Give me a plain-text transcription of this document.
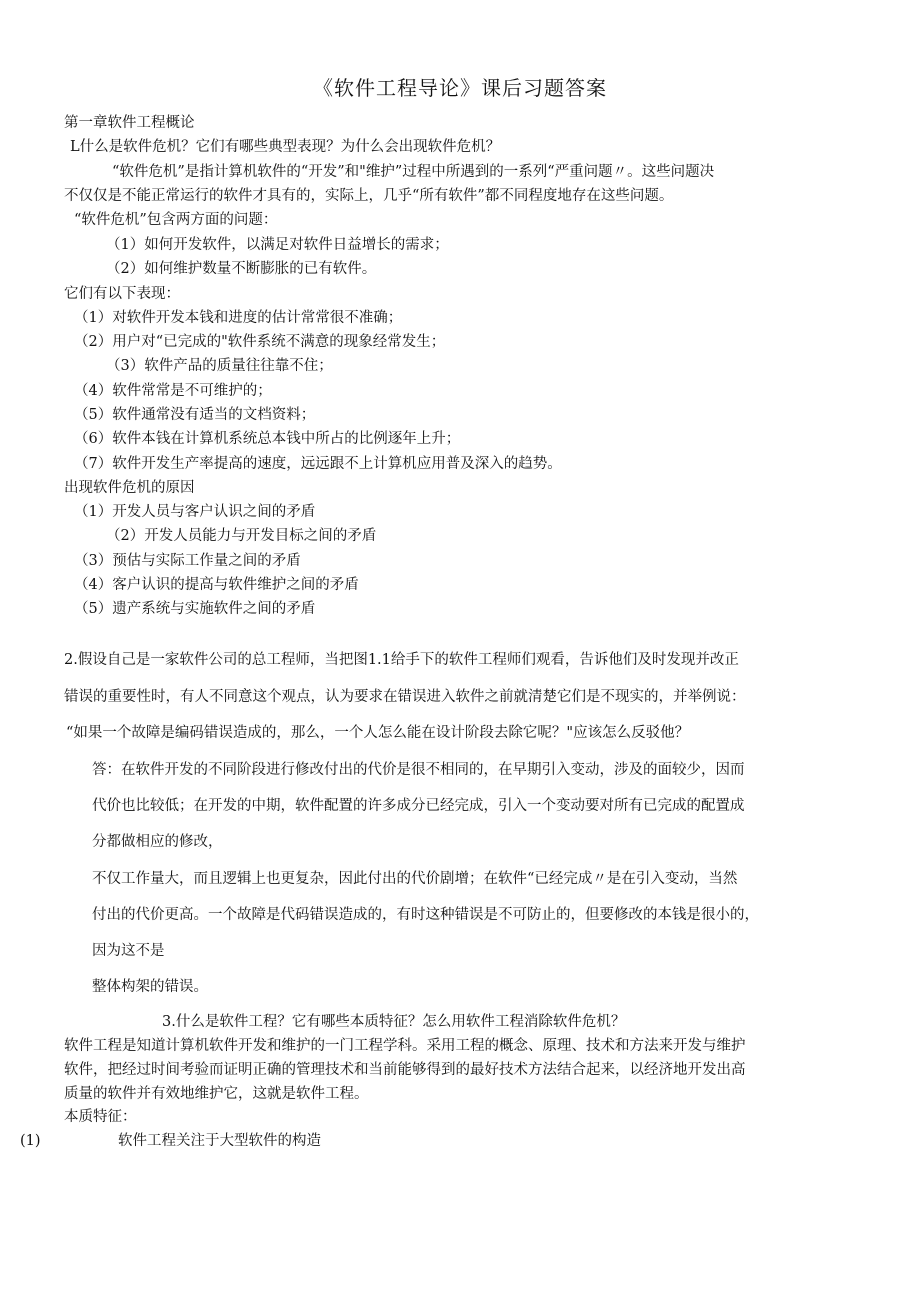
《软件工程导论》课后习题答案
第一章软件工程概论
L什么是软件危机？它们有哪些典型表现？为什么会出现软件危机？
“软件危机”是指计算机软件的“开发”和"维护”过程中所遇到的一系列“严重问题〃。这些问题决
不仅仅是不能正常运行的软件才具有的，实际上，几乎“所有软件”都不同程度地存在这些问题。
“软件危机”包含两方面的问题：
（1）如何开发软件，以满足对软件日益增长的需求；
（2）如何维护数量不断膨胀的已有软件。
它们有以下表现：
（1）对软件开发本钱和进度的估计常常很不准确；
（2）用户对“已完成的"软件系统不满意的现象经常发生；
（3）软件产品的质量往往靠不住；
（4）软件常常是不可维护的；
（5）软件通常没有适当的文档资料；
（6）软件本钱在计算机系统总本钱中所占的比例逐年上升；
（7）软件开发生产率提高的速度，远远跟不上计算机应用普及深入的趋势。
出现软件危机的原因
（1）开发人员与客户认识之间的矛盾
（2）开发人员能力与开发目标之间的矛盾
（3）预估与实际工作量之间的矛盾
（4）客户认识的提高与软件维护之间的矛盾
（5）遗产系统与实施软件之间的矛盾
2.假设自己是一家软件公司的总工程师，当把图1.1给手下的软件工程师们观看，告诉他们及时发现并改正
错误的重要性时，有人不同意这个观点，认为要求在错误进入软件之前就清楚它们是不现实的，并举例说：
“如果一个故障是编码错误造成的，那么，一个人怎么能在设计阶段去除它呢？"应该怎么反驳他？
答：在软件开发的不同阶段进行修改付出的代价是很不相同的，在早期引入变动，涉及的面较少，因而
代价也比较低；在开发的中期，软件配置的许多成分已经完成，引入一个变动要对所有已完成的配置成
分都做相应的修改，
不仅工作量大，而且逻辑上也更复杂，因此付出的代价剧增；在软件“已经完成〃是在引入变动，当然
付出的代价更高。一个故障是代码错误造成的，有时这种错误是不可防止的，但要修改的本钱是很小的，
因为这不是
整体构架的错误。
3.什么是软件工程？它有哪些本质特征？怎么用软件工程消除软件危机？
软件工程是知道计算机软件开发和维护的一门工程学科。采用工程的概念、原理、技术和方法来开发与维护
软件，把经过时间考验而证明正确的管理技术和当前能够得到的最好技术方法结合起来，以经济地开发出高
质量的软件并有效地维护它，这就是软件工程。
本质特征：
(1)	软件工程关注于大型软件的构造
